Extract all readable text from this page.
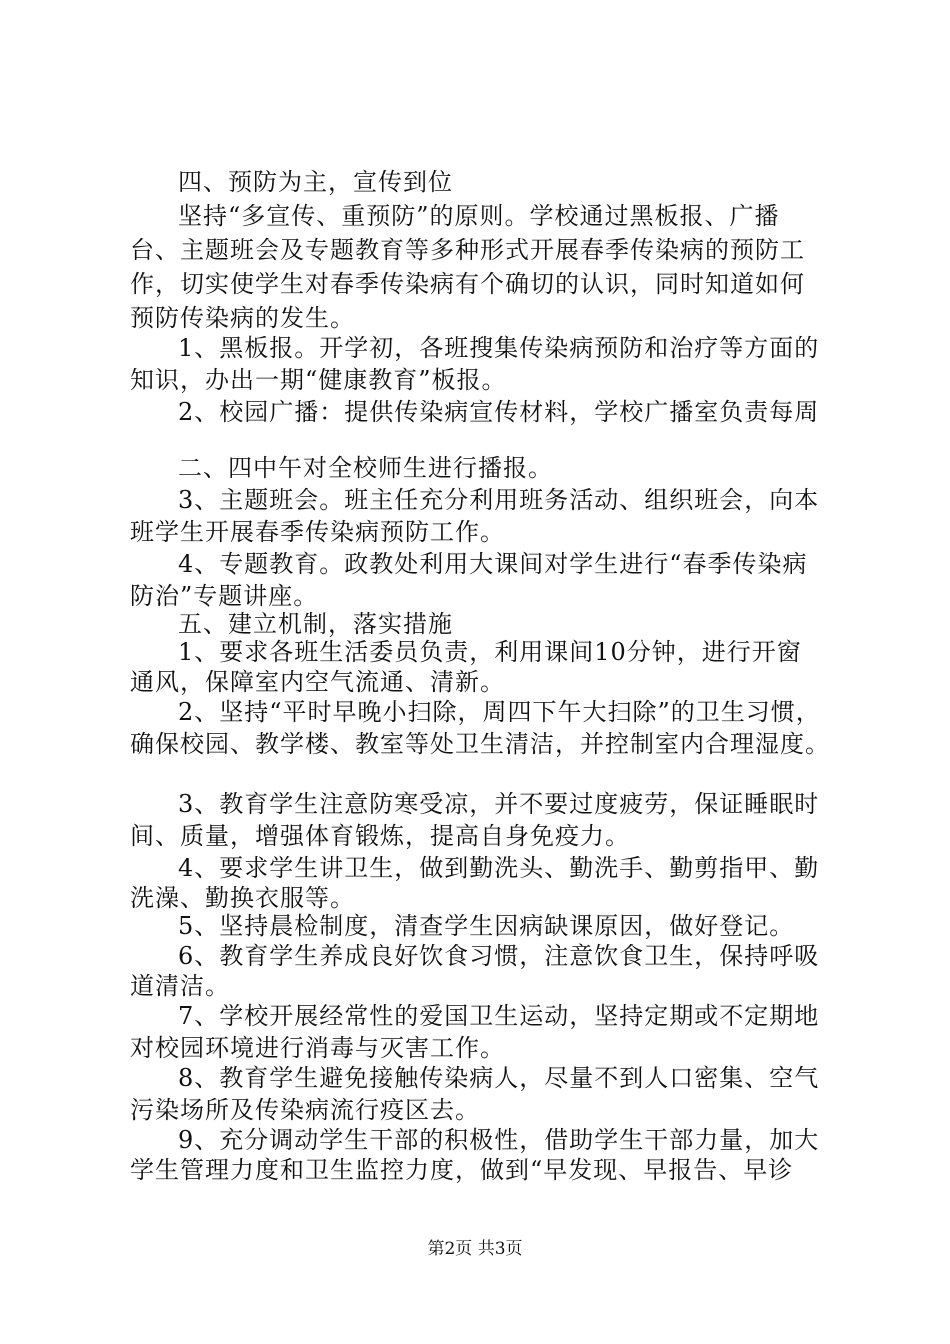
四、预防为主，宣传到位
坚持“多宣传、重预防”的原则。学校通过黑板报、广播
台、主题班会及专题教育等多种形式开展春季传染病的预防工
作，切实使学生对春季传染病有个确切的认识，同时知道如何
预防传染病的发生。
1、黑板报。开学初，各班搜集传染病预防和治疗等方面的
知识，办出一期“健康教育”板报。
2、校园广播：提供传染病宣传材料，学校广播室负责每周
二、四中午对全校师生进行播报。
3、主题班会。班主任充分利用班务活动、组织班会，向本
班学生开展春季传染病预防工作。
4、专题教育。政教处利用大课间对学生进行“春季传染病
防治”专题讲座。
五、建立机制，落实措施
1、要求各班生活委员负责，利用课间10分钟，进行开窗
通风，保障室内空气流通、清新。
2、坚持“平时早晚小扫除，周四下午大扫除”的卫生习惯，
确保校园、教学楼、教室等处卫生清洁，并控制室内合理湿度。
3、教育学生注意防寒受凉，并不要过度疲劳，保证睡眠时
间、质量，增强体育锻炼，提高自身免疫力。
4、要求学生讲卫生，做到勤洗头、勤洗手、勤剪指甲、勤
洗澡、勤换衣服等。
5、坚持晨检制度，清查学生因病缺课原因，做好登记。
6、教育学生养成良好饮食习惯，注意饮食卫生，保持呼吸
道清洁。
7、学校开展经常性的爱国卫生运动，坚持定期或不定期地
对校园环境进行消毒与灭害工作。
8、教育学生避免接触传染病人，尽量不到人口密集、空气
污染场所及传染病流行疫区去。
9、充分调动学生干部的积极性，借助学生干部力量，加大
学生管理力度和卫生监控力度，做到“早发现、早报告、早诊
第2页 共3页
